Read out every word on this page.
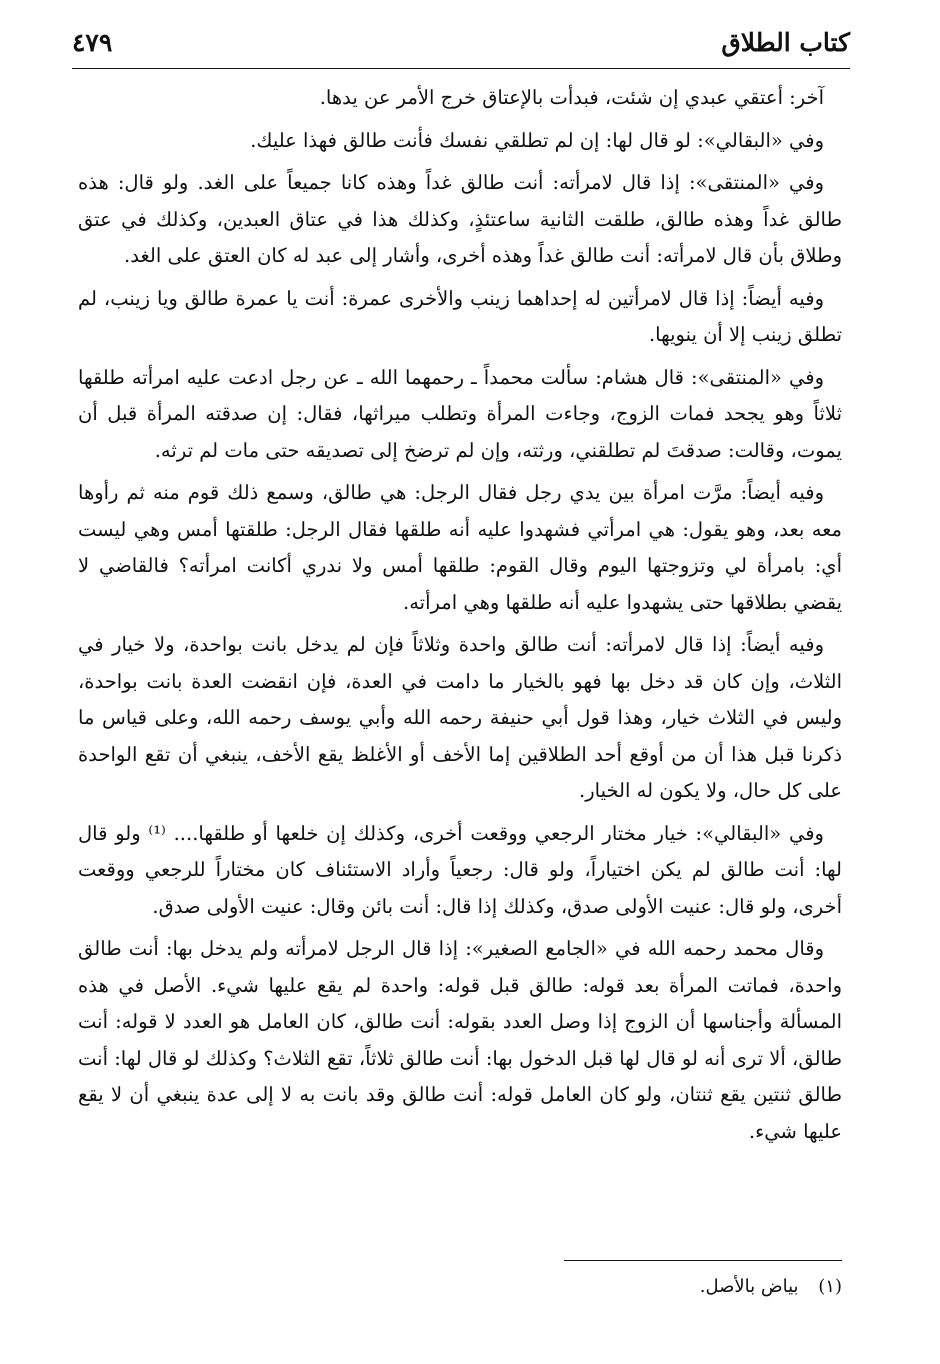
كتاب الطلاق
٤٧٩

آخر: أعتقي عبدي إن شئت، فبدأت بالإعتاق خرج الأمر عن يدها.

وفي «البقالي»: لو قال لها: إن لم تطلقي نفسك فأنت طالق فهذا عليك.

وفي «المنتقى»: إذا قال لامرأته: أنت طالق غداً وهذه كانا جميعاً على الغد. ولو قال: هذه طالق غداً وهذه طالق، طلقت الثانية ساعتئذٍ، وكذلك هذا في عتاق العبدين، وكذلك في عتق وطلاق بأن قال لامرأته: أنت طالق غداً وهذه أخرى، وأشار إلى عبد له كان العتق على الغد.

وفيه أيضاً: إذا قال لامرأتين له إحداهما زينب والأخرى عمرة: أنت يا عمرة طالق ويا زينب، لم تطلق زينب إلا أن ينويها.

وفي «المنتقى»: قال هشام: سألت محمداً ـ رحمهما الله ـ عن رجل ادعت عليه امرأته طلقها ثلاثاً وهو يجحد فمات الزوج، وجاءت المرأة وتطلب ميراثها، فقال: إن صدقته المرأة قبل أن يموت، وقالت: صدقتَ لم تطلقني، ورثته، وإن لم ترضخ إلى تصديقه حتى مات لم ترثه.

وفيه أيضاً: مرَّت امرأة بين يدي رجل فقال الرجل: هي طالق، وسمع ذلك قوم منه ثم رأوها معه بعد، وهو يقول: هي امرأتي فشهدوا عليه أنه طلقها فقال الرجل: طلقتها أمس وهي ليست أي: بامرأة لي وتزوجتها اليوم وقال القوم: طلقها أمس ولا ندري أكانت امرأته؟ فالقاضي لا يقضي بطلاقها حتى يشهدوا عليه أنه طلقها وهي امرأته.

وفيه أيضاً: إذا قال لامرأته: أنت طالق واحدة وثلاثاً فإن لم يدخل بانت بواحدة، ولا خيار في الثلاث، وإن كان قد دخل بها فهو بالخيار ما دامت في العدة، فإن انقضت العدة بانت بواحدة، وليس في الثلاث خيار، وهذا قول أبي حنيفة رحمه الله وأبي يوسف رحمه الله، وعلى قياس ما ذكرنا قبل هذا أن من أوقع أحد الطلاقين إما الأخف أو الأغلظ يقع الأخف، ينبغي أن تقع الواحدة على كل حال، ولا يكون له الخيار.

وفي «البقالي»: خيار مختار الرجعي ووقعت أخرى، وكذلك إن خلعها أو طلقها.... ⁽¹⁾ ولو قال لها: أنت طالق لم يكن اختياراً، ولو قال: رجعياً وأراد الاستئناف كان مختاراً للرجعي ووقعت أخرى، ولو قال: عنيت الأولى صدق، وكذلك إذا قال: أنت بائن وقال: عنيت الأولى صدق.

وقال محمد رحمه الله في «الجامع الصغير»: إذا قال الرجل لامرأته ولم يدخل بها: أنت طالق واحدة، فماتت المرأة بعد قوله: طالق قبل قوله: واحدة لم يقع عليها شيء. الأصل في هذه المسألة وأجناسها أن الزوج إذا وصل العدد بقوله: أنت طالق، كان العامل هو العدد لا قوله: أنت طالق، ألا ترى أنه لو قال لها قبل الدخول بها: أنت طالق ثلاثاً، تقع الثلاث؟ وكذلك لو قال لها: أنت طالق ثنتين يقع ثنتان، ولو كان العامل قوله: أنت طالق وقد بانت به لا إلى عدة ينبغي أن لا يقع عليها شيء.

(١) بياض بالأصل.
